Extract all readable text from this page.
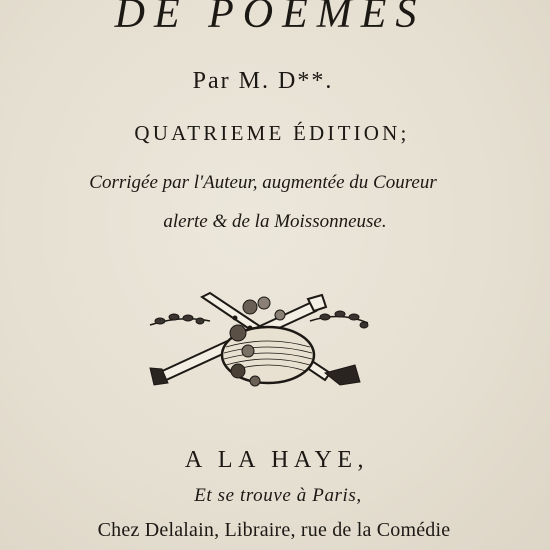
DE POEMES
Par M. D**.
QUATRIEME ÉDITION;
Corrigée par l'Auteur, augmentée du Coureur
alerte & de la Moissonneuse.
A LA HAYE,
Et se trouve à Paris,
Chez Delalain, Libraire, rue de la Comédie
